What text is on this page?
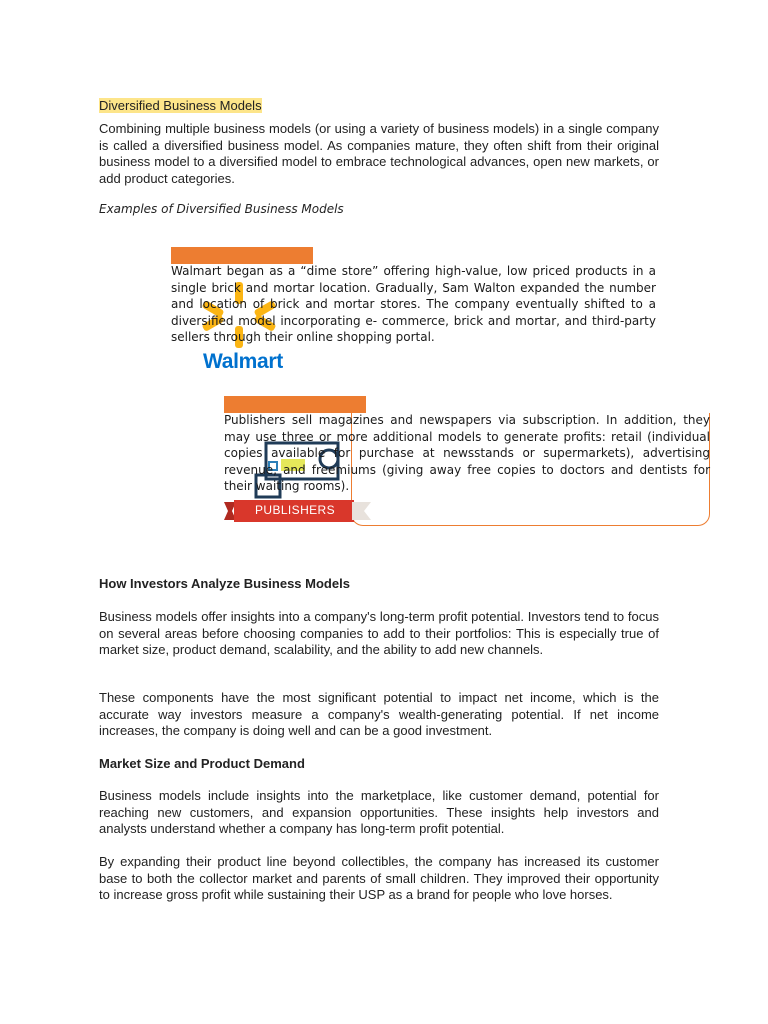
Diversified Business Models
Combining multiple business models (or using a variety of business models) in a single company is called a diversified business model. As companies mature, they often shift from their original business model to a diversified model to embrace technological advances, open new markets, or add product categories.
Examples of Diversified Business Models
Walmart began as a “dime store” offering high-value, low priced products in a single brick and mortar location. Gradually, Sam Walton expanded the number and location of brick and mortar stores. The company eventually shifted to a diversified model incorporating e- commerce, brick and mortar, and third-party sellers through their online shopping portal.
Walmart
PUBLISHERS
Publishers sell magazines and newspapers via subscription. In addition, they may use three or more additional models to generate profits: retail (individual copies available for purchase at newsstands or supermarkets), advertising revenue, and freemiums (giving away free copies to doctors and dentists for their waiting rooms).
How Investors Analyze Business Models
Business models offer insights into a company's long-term profit potential. Investors tend to focus on several areas before choosing companies to add to their portfolios: This is especially true of market size, product demand, scalability, and the ability to add new channels.
These components have the most significant potential to impact net income, which is the accurate way investors measure a company's wealth-generating potential. If net income increases, the company is doing well and can be a good investment.
Market Size and Product Demand
Business models include insights into the marketplace, like customer demand, potential for reaching new customers, and expansion opportunities. These insights help investors and analysts understand whether a company has long-term profit potential.
By expanding their product line beyond collectibles, the company has increased its customer base to both the collector market and parents of small children. They improved their opportunity to increase gross profit while sustaining their USP as a brand for people who love horses.
